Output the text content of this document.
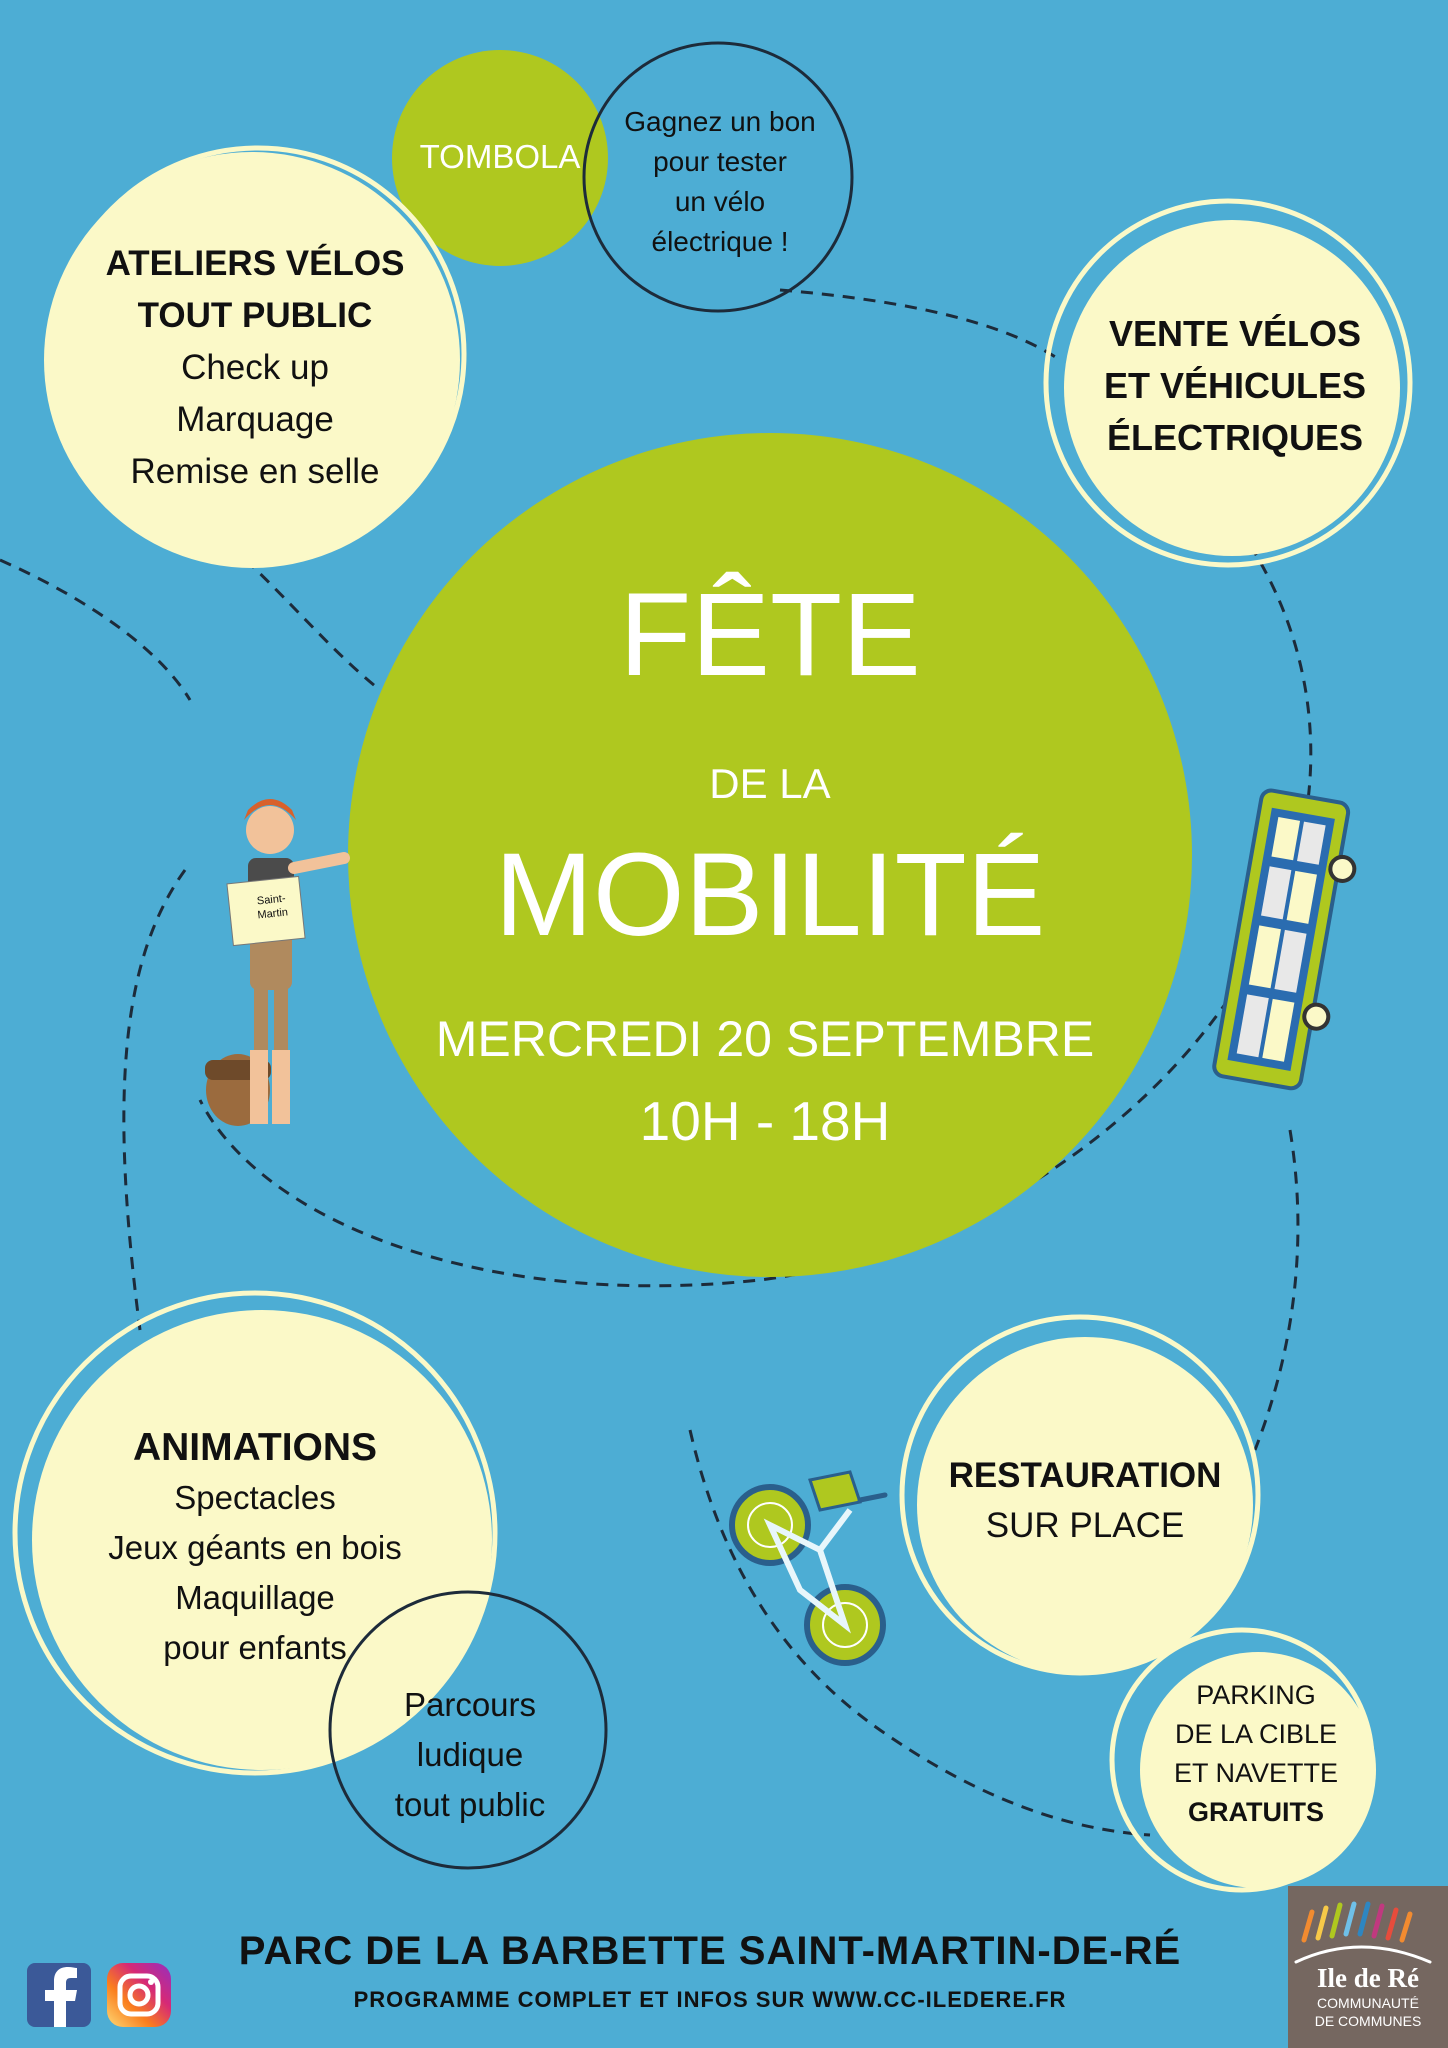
Saint-
Martin
TOMBOLA
Gagnez un bon
pour tester
un vélo
électrique !
ATELIERS VÉLOS
TOUT PUBLIC
Check up
Marquage
Remise en selle
VENTE VÉLOS
ET VÉHICULES
ÉLECTRIQUES
FÊTE
DE LA
MOBILITÉ
MERCREDI 20 SEPTEMBRE
10H - 18H
ANIMATIONS
Spectacles
Jeux géants en bois
Maquillage
pour enfants
Parcours
ludique
tout public
RESTAURATION
SUR PLACE
PARKING
DE LA CIBLE
ET NAVETTE
GRATUITS
PARC DE LA BARBETTE SAINT-MARTIN-DE-RÉ
PROGRAMME COMPLET ET INFOS SUR WWW.CC-ILEDERE.FR
Ile de Ré
COMMUNAUTÉ
DE COMMUNES
